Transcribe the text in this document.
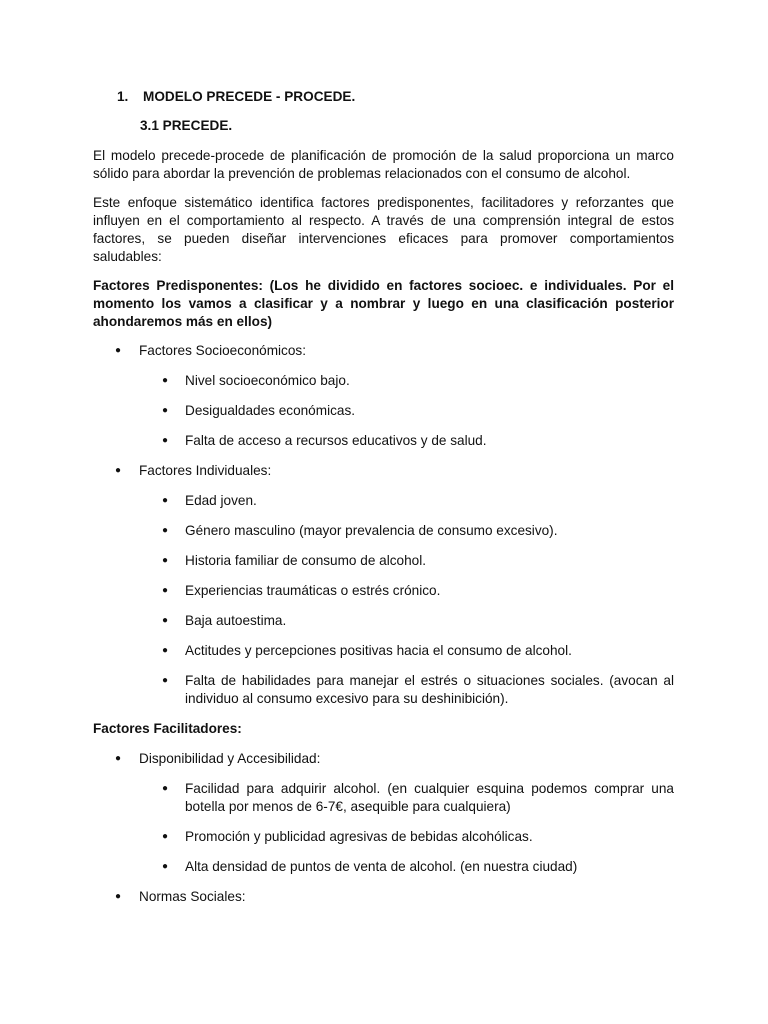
1.	MODELO PRECEDE - PROCEDE.
3.1 PRECEDE.

El modelo precede-procede de planificación de promoción de la salud proporciona un marco sólido para abordar la prevención de problemas relacionados con el consumo de alcohol.

Este enfoque sistemático identifica factores predisponentes, facilitadores y reforzantes que influyen en el comportamiento al respecto. A través de una comprensión integral de estos factores, se pueden diseñar intervenciones eficaces para promover comportamientos saludables:

Factores Predisponentes: (Los he dividido en factores socioec. e individuales. Por el momento los vamos a clasificar y a nombrar y luego en una clasificación posterior ahondaremos más en ellos)

● Factores Socioeconómicos:
● Nivel socioeconómico bajo.
● Desigualdades económicas.
● Falta de acceso a recursos educativos y de salud.
● Factores Individuales:
● Edad joven.
● Género masculino (mayor prevalencia de consumo excesivo).
● Historia familiar de consumo de alcohol.
● Experiencias traumáticas o estrés crónico.
● Baja autoestima.
● Actitudes y percepciones positivas hacia el consumo de alcohol.
● Falta de habilidades para manejar el estrés o situaciones sociales. (avocan al individuo al consumo excesivo para su deshinibición).
Factores Facilitadores:
● Disponibilidad y Accesibilidad:
● Facilidad para adquirir alcohol. (en cualquier esquina podemos comprar una botella por menos de 6-7€, asequible para cualquiera)
● Promoción y publicidad agresivas de bebidas alcohólicas.
● Alta densidad de puntos de venta de alcohol. (en nuestra ciudad)
● Normas Sociales:
